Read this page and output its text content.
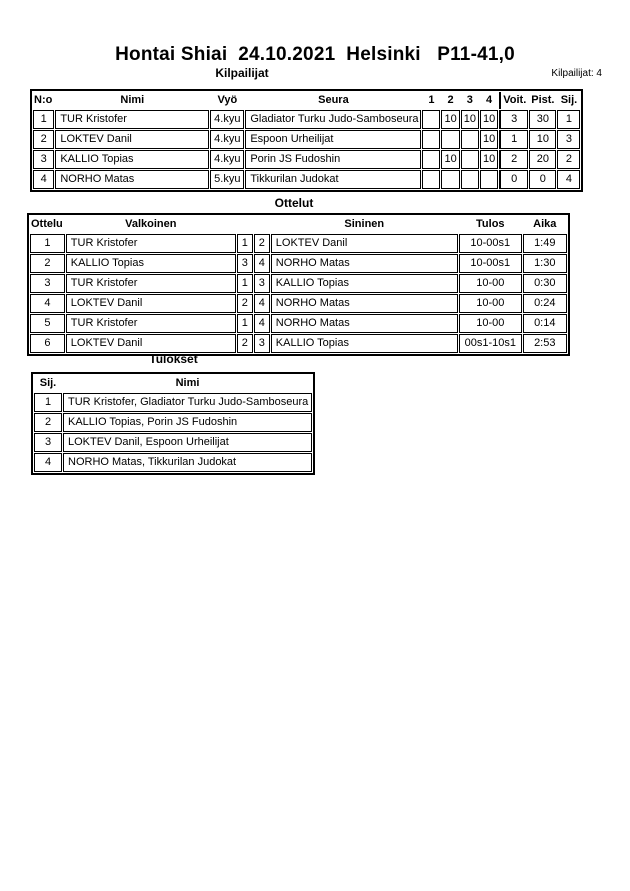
Hontai Shiai  24.10.2021  Helsinki   P11-41,0
Kilpailijat	Kilpailijat: 4
N:o	Nimi	Vyö	Seura	1	2	3	4	Voit.	Pist.	Sij.
1	TUR Kristofer	4.kyu	Gladiator Turku Judo-Samboseura		10	10	10	3	30	1
2	LOKTEV Danil	4.kyu	Espoon Urheilijat				10	1	10	3
3	KALLIO Topias	4.kyu	Porin JS Fudoshin		10		10	2	20	2
4	NORHO Matas	5.kyu	Tikkurilan Judokat					0	0	4
Ottelut
Ottelu	Valkoinen			Sininen	Tulos	Aika
1	TUR Kristofer	1	2	LOKTEV Danil	10-00s1	1:49
2	KALLIO Topias	3	4	NORHO Matas	10-00s1	1:30
3	TUR Kristofer	1	3	KALLIO Topias	10-00	0:30
4	LOKTEV Danil	2	4	NORHO Matas	10-00	0:24
5	TUR Kristofer	1	4	NORHO Matas	10-00	0:14
6	LOKTEV Danil	2	3	KALLIO Topias	00s1-10s1	2:53
Tulokset
Sij.	Nimi
1	TUR Kristofer, Gladiator Turku Judo-Samboseura
2	KALLIO Topias, Porin JS Fudoshin
3	LOKTEV Danil, Espoon Urheilijat
4	NORHO Matas, Tikkurilan Judokat
